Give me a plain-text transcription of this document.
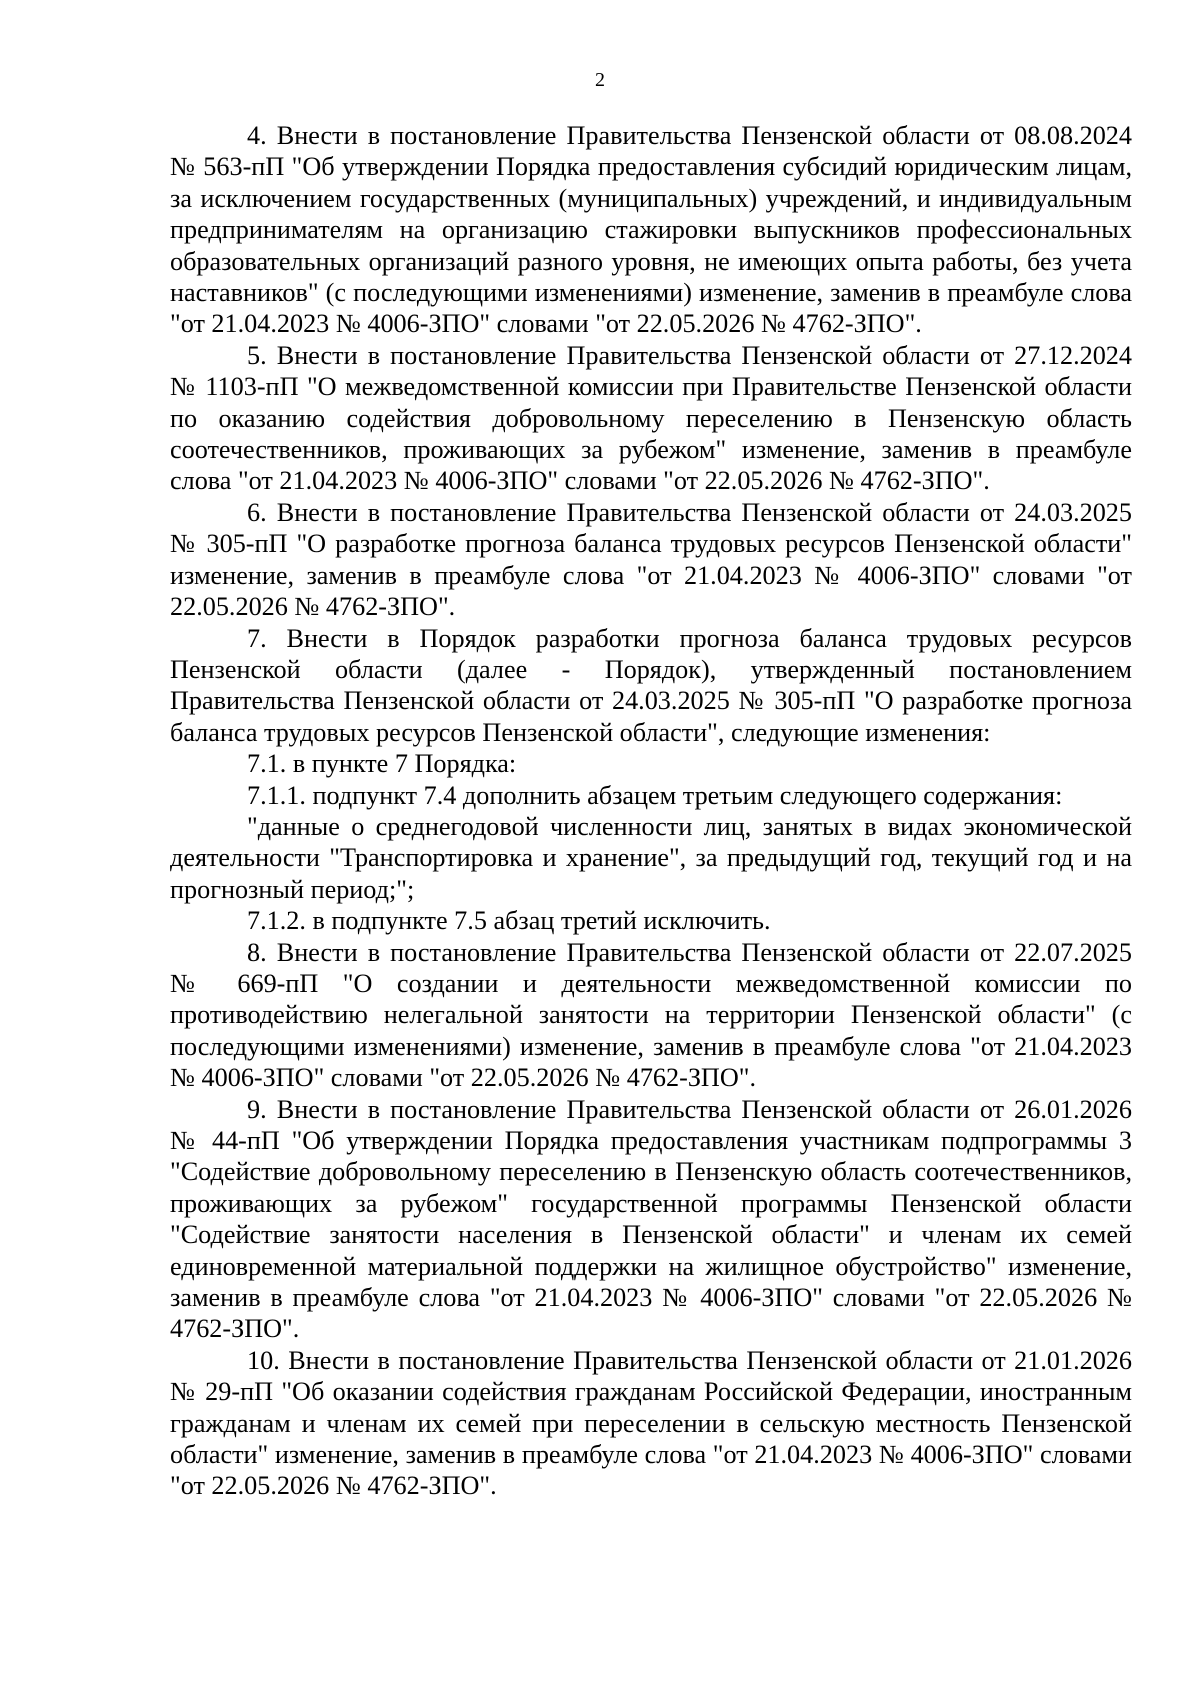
2

4. Внести в постановление Правительства Пензенской области от 08.08.2024 № 563-пП "Об утверждении Порядка предоставления субсидий юридическим лицам, за исключением государственных (муниципальных) учреждений, и индивидуальным предпринимателям на организацию стажировки выпускников профессиональных образовательных организаций разного уровня, не имеющих опыта работы, без учета наставников" (с последующими изменениями) изменение, заменив в преамбуле слова "от 21.04.2023 № 4006-ЗПО" словами "от 22.05.2026 № 4762-ЗПО".

5. Внести в постановление Правительства Пензенской области от 27.12.2024 № 1103-пП "О межведомственной комиссии при Правительстве Пензенской области по оказанию содействия добровольному переселению в Пензенскую область соотечественников, проживающих за рубежом" изменение, заменив в преамбуле слова "от 21.04.2023 № 4006-ЗПО" словами "от 22.05.2026 № 4762-ЗПО".

6. Внести в постановление Правительства Пензенской области от 24.03.2025 № 305-пП "О разработке прогноза баланса трудовых ресурсов Пензенской области" изменение, заменив в преамбуле слова "от 21.04.2023 № 4006-ЗПО" словами "от 22.05.2026 № 4762-ЗПО".

7. Внести в Порядок разработки прогноза баланса трудовых ресурсов Пензенской области (далее - Порядок), утвержденный постановлением Правительства Пензенской области от 24.03.2025 № 305-пП "О разработке прогноза баланса трудовых ресурсов Пензенской области", следующие изменения:

7.1. в пункте 7 Порядка:

7.1.1. подпункт 7.4 дополнить абзацем третьим следующего содержания:

"данные о среднегодовой численности лиц, занятых в видах экономической деятельности "Транспортировка и хранение", за предыдущий год, текущий год и на прогнозный период;";

7.1.2. в подпункте 7.5 абзац третий исключить.

8. Внести в постановление Правительства Пензенской области от 22.07.2025 № 669-пП "О создании и деятельности межведомственной комиссии по противодействию нелегальной занятости на территории Пензенской области" (с последующими изменениями) изменение, заменив в преамбуле слова "от 21.04.2023 № 4006-ЗПО" словами "от 22.05.2026 № 4762-ЗПО".

9. Внести в постановление Правительства Пензенской области от 26.01.2026 № 44-пП "Об утверждении Порядка предоставления участникам подпрограммы 3 "Содействие добровольному переселению в Пензенскую область соотечественников, проживающих за рубежом" государственной программы Пензенской области "Содействие занятости населения в Пензенской области" и членам их семей единовременной материальной поддержки на жилищное обустройство" изменение, заменив в преамбуле слова "от 21.04.2023 № 4006-ЗПО" словами "от 22.05.2026 № 4762-ЗПО".

10. Внести в постановление Правительства Пензенской области от 21.01.2026 № 29-пП "Об оказании содействия гражданам Российской Федерации, иностранным гражданам и членам их семей при переселении в сельскую местность Пензенской области" изменение, заменив в преамбуле слова "от 21.04.2023 № 4006-ЗПО" словами "от 22.05.2026 № 4762-ЗПО".
